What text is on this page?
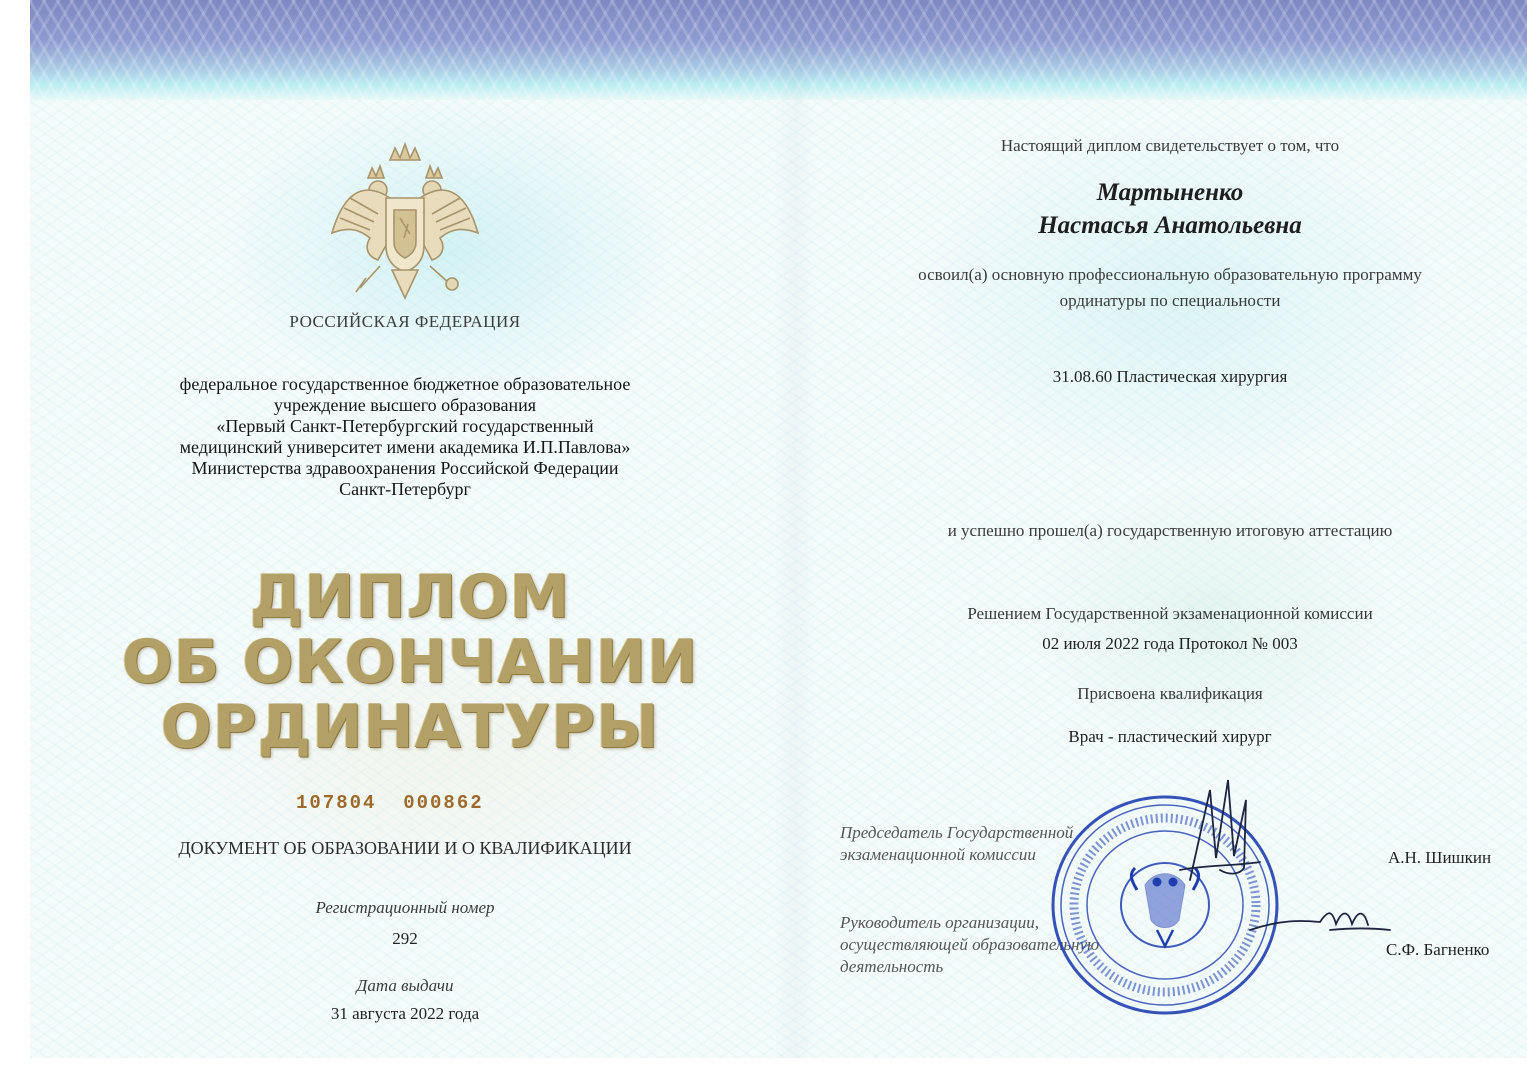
РОССИЙСКАЯ ФЕДЕРАЦИЯ
федеральное государственное бюджетное образовательное
учреждение высшего образования
«Первый Санкт-Петербургский государственный
медицинский университет имени академика И.П.Павлова»
Министерства здравоохранения Российской Федерации
Санкт-Петербург
ДИПЛОМ
ОБ ОКОНЧАНИИ
ОРДИНАТУРЫ
107804  000862
ДОКУМЕНТ ОБ ОБРАЗОВАНИИ И О КВАЛИФИКАЦИИ
Регистрационный номер
292
Дата выдачи
31 августа 2022 года
Настоящий диплом свидетельствует о том, что
Мартыненко
Настасья Анатольевна
освоил(а) основную профессиональную образовательную программу
ординатуры по специальности
31.08.60 Пластическая хирургия
и успешно прошел(а) государственную итоговую аттестацию
Решением Государственной экзаменационной комиссии
02 июля 2022 года Протокол № 003
Присвоена квалификация
Врач - пластический хирург
Председатель Государственной
экзаменационной комиссии	А.Н. Шишкин
Руководитель организации,
осуществляющей образовательную
деятельность
С.Ф. Багненко
